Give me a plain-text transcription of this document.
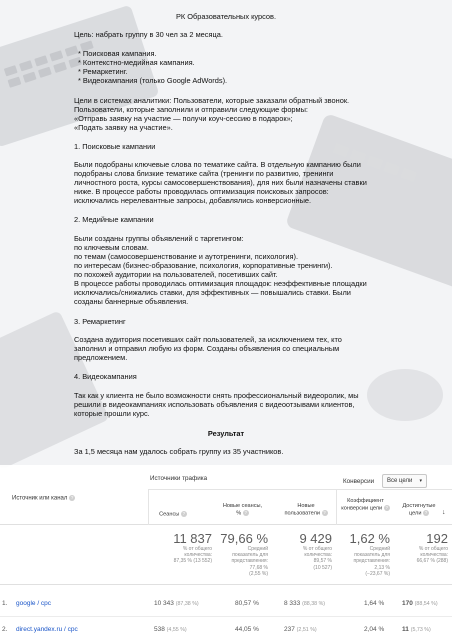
РК Образовательных курсов.
Цель: набрать группу в 30 чел за 2 месяца.
* Поисковая кампания.
* Контекстно-медийная кампания.
* Ремаркетинг.
* Видеокампания (только Google AdWords).
Цели в системах аналитики: Пользователи, которые заказали обратный звонок.
Пользователи, которые заполнили и отправили следующие формы:
«Отправь заявку на участие — получи коуч-сессию в подарок»;
«Подать заявку на участие».
1. Поисковые кампании
Были подобраны ключевые слова по тематике сайта. В отдельную кампанию были
подобраны слова близкие тематике сайта (тренинги по развитию, тренинги
личностного роста, курсы самосовершенствования), для них были назначены ставки
ниже. В процессе работы проводилась оптимизация поисковых запросов:
исключались нерелевантные запросы, добавлялись конверсионные.
2. Медийные кампании
Были созданы группы объявлений с таргетингом:
по ключевым словам.
по темам (самосовершенствование и аутотренинги, психология).
по интересам (бизнес-образование, психология, корпоративные тренинги).
по похожей аудитории на пользователей, посетивших сайт.
В процессе работы проводилась оптимизация площадок: неэффективные площадки
исключались/снижались ставки, для эффективных — повышались ставки. Были
созданы баннерные объявления.
3. Ремаркетинг
Создана аудитория посетивших сайт пользователей, за исключением тех, кто
заполнил и отправил любую из форм. Созданы объявления со специальным
предложением.
4. Видеокампания
Так как у клиента не было возможности снять профессиональный видеоролик, мы
решили в видеокампаниях использовать объявления с видеоотзывами клиентов,
которые прошли курс.
Результат
За 1,5 месяца нам удалось собрать группу из 35 участников.
Источник или канал ?
Источники трафика	Конверсии	Все цели ▾
Сеансы ?
Новые сеансы, % ?
Новые пользователи ?
Коэффициент конверсии цели ?	Достигнутые цели ?	↓
11 837
% от общего
количества:
87,35 % (13 552)
79,66 %
Средний
показатель для
представления:
77,68 %
(2,55 %)
9 429
% от общего
количества:
89,57 %
(10 527)
1,62 %
Средний
показатель для
представления:
2,13 %
(−23,67 %)
192
% от общего
количества:
66,67 % (288)
1. google / cpc	10 343 (87,38 %)	80,57 %	8 333 (88,38 %)	1,64 %	170 (88,54 %)
2. direct.yandex.ru / cpc	538 (4,55 %)	44,05 %	237 (2,51 %)	2,04 %	11 (5,73 %)
